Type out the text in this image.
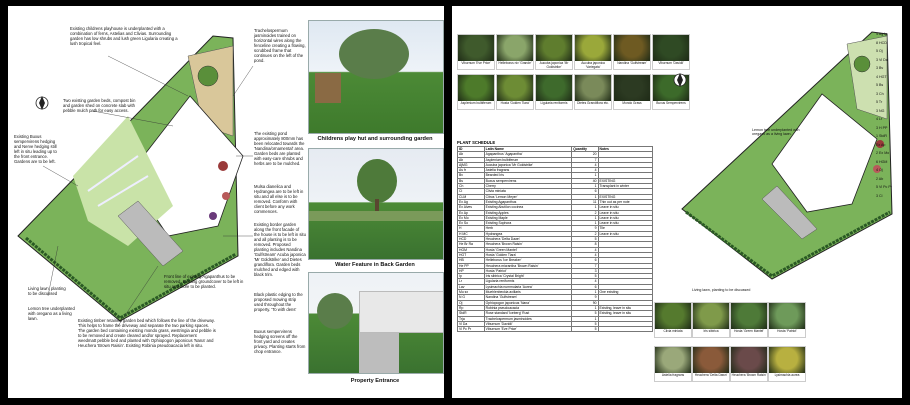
Existing childrens playhouse is underplanted with a combination of ferns, Astelias and Clivias. Surrounding garden has low shrubs and lush green Ligularia creating a lush tropical feel.
Two existing garden beds, compost bin and garden shed on concrete slab with pebble mulch path for easy access.
Existing Buxus sempervirens hedging and Nerve hedging still left in situ leading up to the front entrance. Gardens are to be left.
Living lawn, planting to be discussed
Lemon tree underplanted with oregano as a living lawn.	Existing timber retained garden bed which follows the line of the driveway. This helps to frame the driveway and separate the two parking spaces. The garden bed containing existing mondo grass, westringia and pebble is to be removed and create cleared and/or sprayed. Replacement weedmatt pebble bed and planted with Ophiopogon japonicus 'Nana' and Heuchera 'Brown Raisin'. Existing Robinia pseudoacacia left in situ.
Front line of existing Agapanthus to be removed. Existing groundcover to be left in situ and more to be planted.
Trachelospermum jasminoides trained on horizontal wires along the fenceline creating a flowing, scrubbed frame that continues on the left of the pond.
The existing pond approximately 800mm has been relocated towards the 'Nandina/ornamental' area. Garden beds are planted with easy-care shrubs and herbs are to be mulched.
Mulsa dianelica and Hydrangea are to be left in situ and all else is to be removed. Conform with client before any work commences.
Existing border garden along the front facade of the house is to be left in situ and all planting is to be removed. Proposed planting includes Nandina 'Gulfstream' Acuba japonica 'Mr Goldstrike' and Dietes grandiflora. Garden beds mulched and edged with black trim.
Black plastic edging to the proposed mowing strip used throughout the property. 'To with dens'
Buxus sempervirens hedging screens off the front yard and creates privacy. Planting starts from chop entrance.
Childrens play hut and surrounding garden
Water Feature in Back Garden
Property Entrance
Viburnum 'Eve Price'	Helleborus niv 'Grande'	Aucuba japonica 'Mr Goldstrike'
Aucuba japonica 'Variegata'
Nandina 'Gulfstream'	Viburnum 'Davidii'
Asplenium bulbiferum	Hosta 'Golden Tiara'	Ligularia reniformis	Dietes Grandiflora etc.	Mondo Grass	Buxus Sempervirens
PLANT SCHEDULE
ID	Latin Name	Quantity	Notes
Ab	Agapanthus 'Agapantha'	20	
Ab	Asplenium bulbiferum	7	
AjMG	Aucuba japonica 'Mr Goldstrike'	4	
As fr	Astelia fragrans	4	
Bv	Bearded Iris	1	
Bs	Buxus sempervirens	40	EXISTING
Ch	Cherry	1	Transplant in winter
Cl	Clivia miniata	6	
CLM	Citrus 'Lemon Meyer'	1	EXISTING
Ex Ag	Existing Agapanthus	11	Thin out as per note
Ex Alves	Existing Abutilon cocinea	1	Leave in situ
Ex Ap	Existing Apples	2	Leave in situ
Ex Mo	Existing Maple	1	Leave in situ
Ex So	Existing Sophora	1	Leave in situ
H	Herb	9	Tile
H MC	Hydrangea	2	Leave in situ
HCD	Heuchera 'Delta Dawn'	5	
He Br Ra	Heuchera 'Brown Raisin'	8	
HGM	Hosta 'Green Mantel'	4	
HGT	Hosta 'Golden Tiara'	4	
HB	Helleborus 'Ice Breaker'	6	
He PP	Heuchera micrantha 'Brown Raisin'	7	
HP	Hosta 'Patriot'	3	
Ip	Iris sibirica 'Crystal Bright'	5	
Lr	Ligularia reniformis	4	
Lav	Lysimachia nummularia 'Aurea'	6	
Mu sx	Muehlenbeckia axillaris	1	One existing
N G	Nandina 'Gulfstream'	9	
Oj	Ophiopogon japonicus 'Nana'	90	
Rp	Robinia pseudoacacia	1	Existing, leave in situ
StdR	Rose standard 'Iceberg' Rust	5	Existing, leave in situ
Trja	Trachelospermum jasminoides	1	
Vi Da	Viburnum 'Davidii'	5	
Vi Pc Pr	Viburnum 'Eve Price'	5		Clivia miniata	Iris sibirica	Hosta 'Green Mantel'	Hosta 'Patriot'
Astelia fragrans	Heuchera 'Delta Dawn'	Heuchera 'Brown Raisin'	Lysimachia aurea
Lemon tree underplanted with oregano as a living lawn.
Living lawn, planting to be discussed
4 Ag Ip
8 HCD
5 Oj
3 Vi Da
3 Bv
4 HGT
5 Bs
3 Ch
5 Tr
3 NG
4 Lr
3 H PP
1 StdR
Ex Ap
2 Ex Mo
6 HGM
4 Oj
2 Ab
5 Vi Pc Pr
3 Cl
